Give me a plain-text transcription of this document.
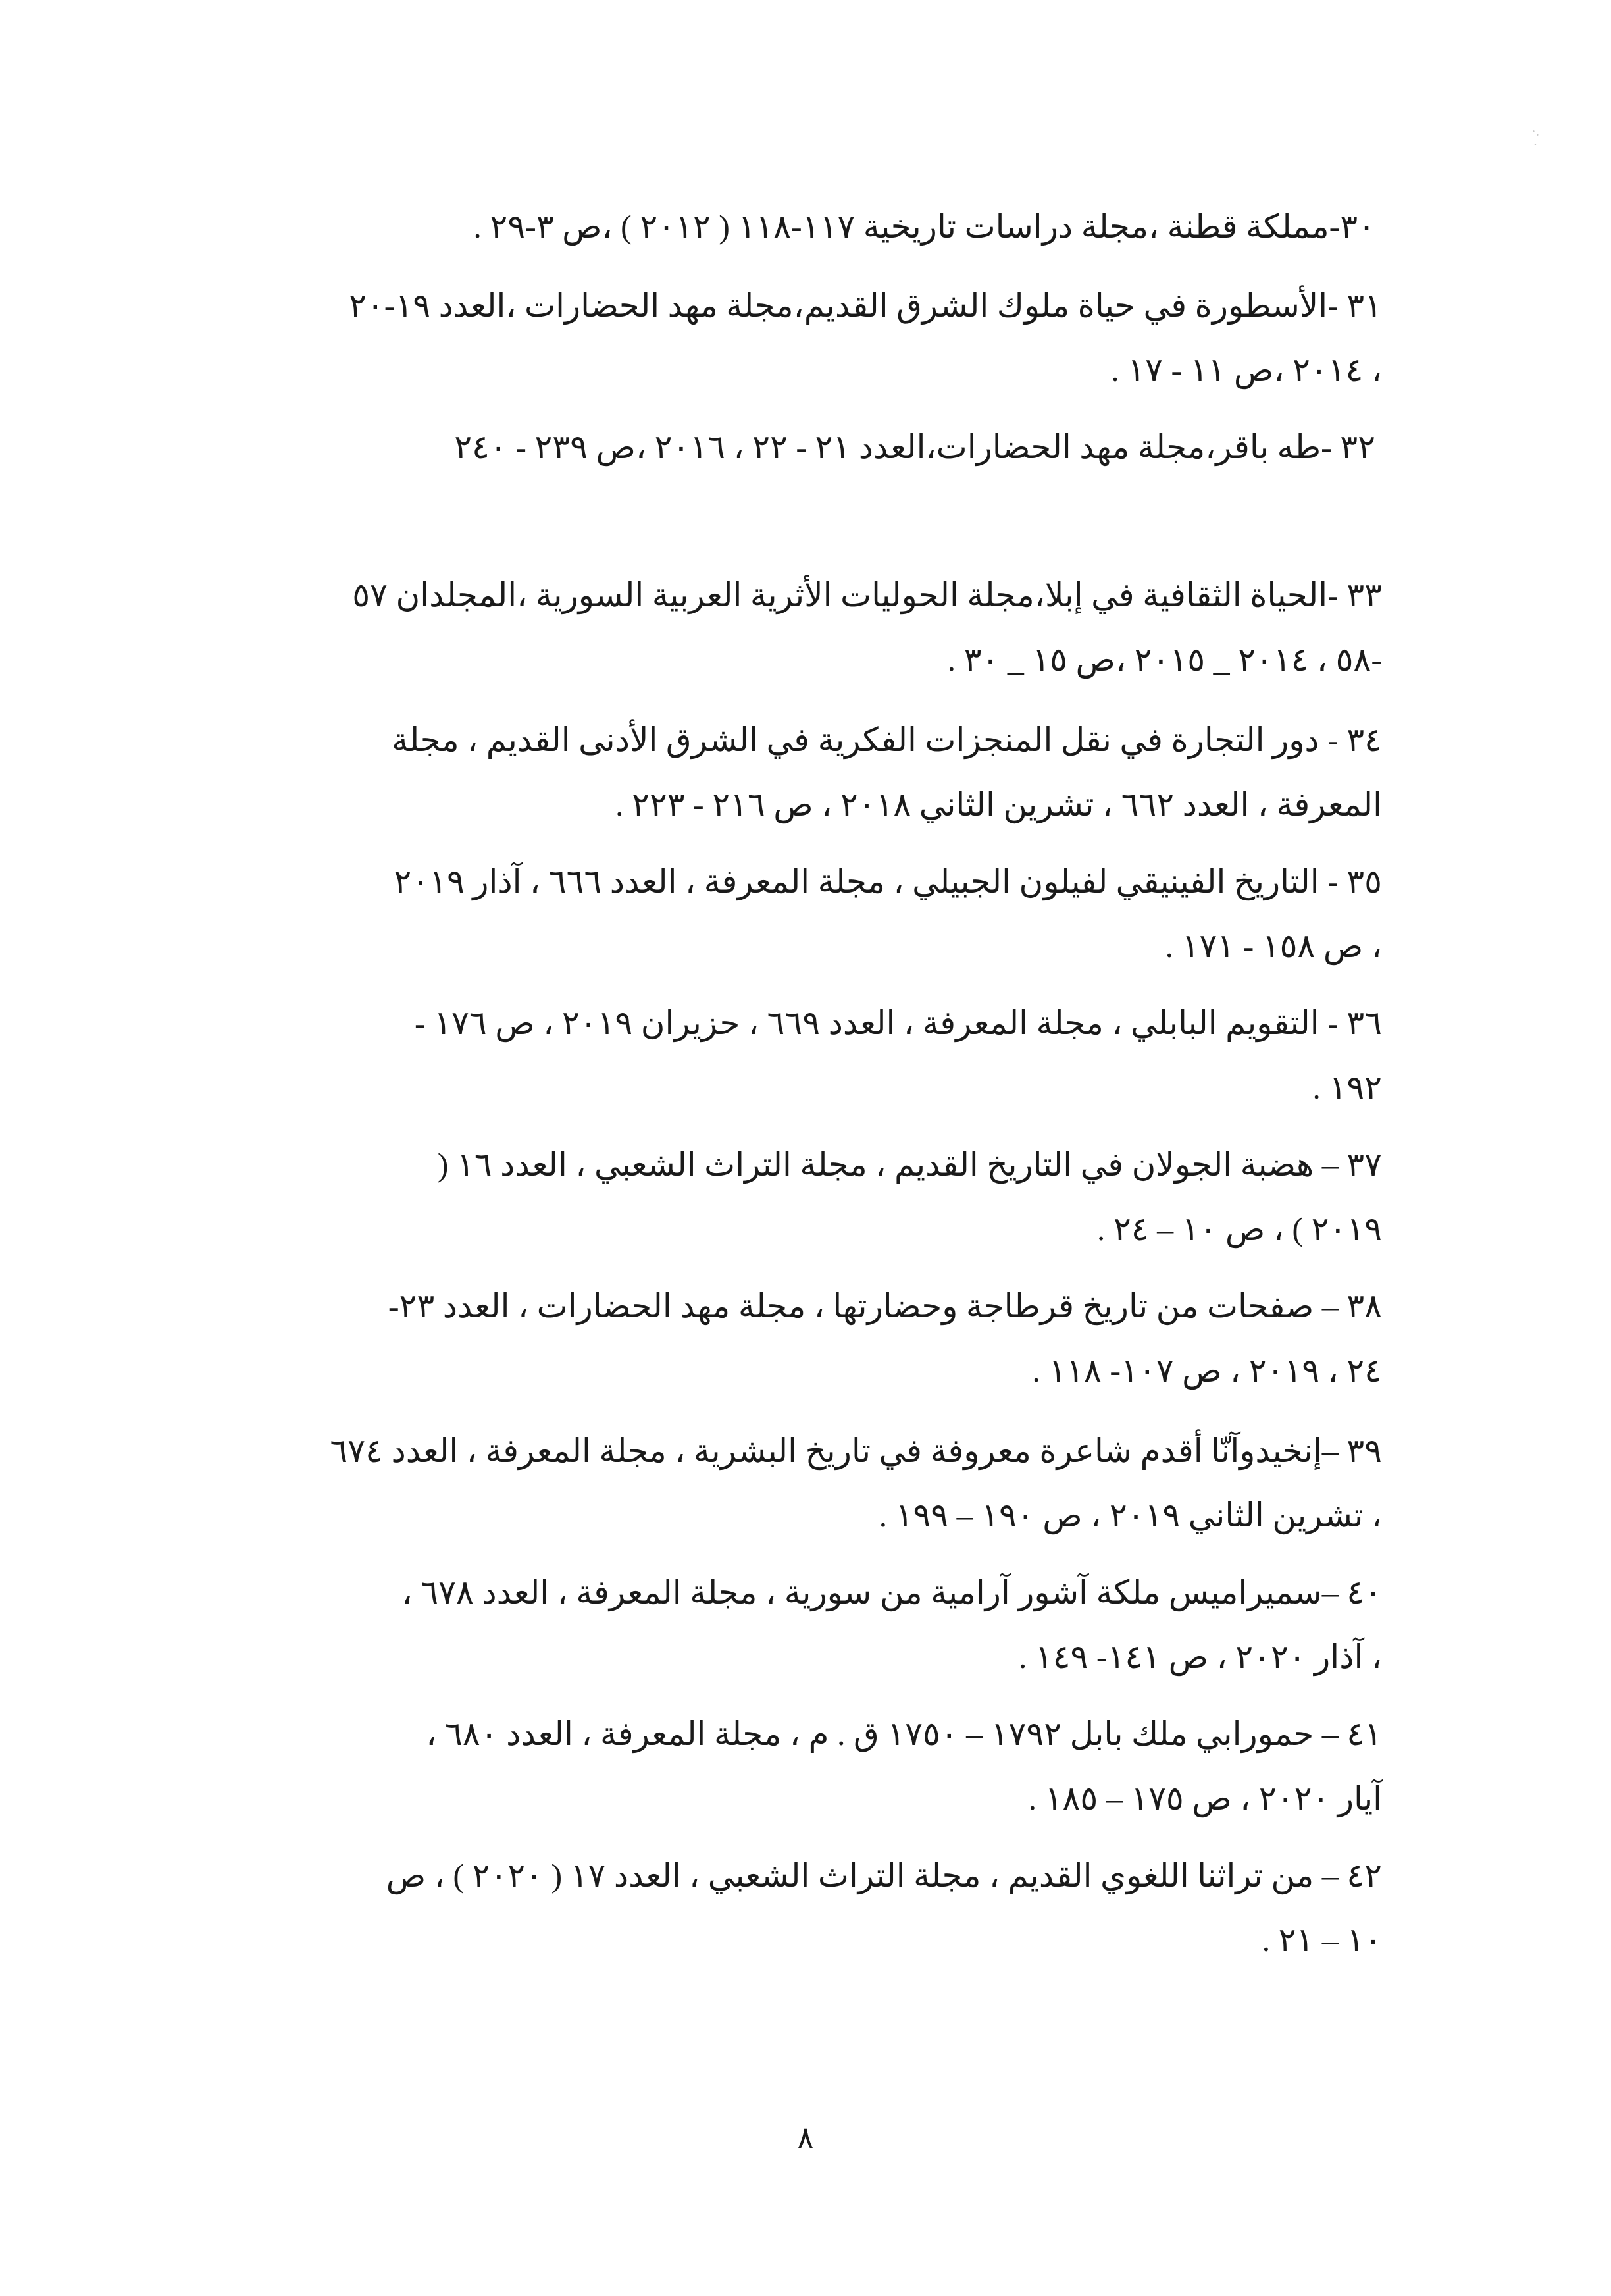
·.
·
٣٠-مملكة قطنة ،مجلة دراسات تاريخية ١١٧-١١٨ ( ٢٠١٢ ) ،ص ٣-٢٩ .
٣١ -الأسطورة في حياة ملوك الشرق القديم،مجلة مهد الحضارات ،العدد ١٩-٢٠
، ٢٠١٤ ،ص ١١ - ١٧ .
٣٢ -طه باقر،مجلة مهد الحضارات،العدد ٢١ - ٢٢ ، ٢٠١٦ ،ص ٢٣٩ - ٢٤٠
٣٣ -الحياة الثقافية في إبلا،مجلة الحوليات الأثرية العربية السورية ،المجلدان ٥٧
-٥٨ ، ٢٠١٤ _ ٢٠١٥ ،ص ١٥ _ ٣٠ .
٣٤ - دور التجارة في نقل المنجزات الفكرية في الشرق الأدنى القديم ، مجلة
المعرفة ، العدد ٦٦٢ ، تشرين الثاني ٢٠١٨ ، ص ٢١٦ - ٢٢٣ .
٣٥ - التاريخ الفينيقي لفيلون الجبيلي ، مجلة المعرفة ، العدد ٦٦٦ ، آذار ٢٠١٩
، ص ١٥٨ - ١٧١ .
٣٦ - التقويم البابلي ، مجلة المعرفة ، العدد ٦٦٩ ، حزيران ٢٠١٩ ، ص ١٧٦ -
١٩٢ .
٣٧ – هضبة الجولان في التاريخ القديم ، مجلة التراث الشعبي ، العدد ١٦ (
٢٠١٩ ) ، ص ١٠ – ٢٤ .
٣٨ – صفحات من تاريخ قرطاجة وحضارتها ، مجلة مهد الحضارات ، العدد ٢٣-
٢٤ ، ٢٠١٩ ، ص ١٠٧- ١١٨ .
٣٩ –إنخيدوآنّا أقدم شاعرة معروفة في تاريخ البشرية ، مجلة المعرفة ، العدد ٦٧٤
، تشرين الثاني ٢٠١٩ ، ص ١٩٠ – ١٩٩ .
٤٠ –سميراميس ملكة آشور آرامية من سورية ، مجلة المعرفة ، العدد ٦٧٨ ،
، آذار ٢٠٢٠ ، ص ١٤١- ١٤٩ .
٤١ – حمورابي ملك بابل ١٧٩٢ – ١٧٥٠ ق . م ، مجلة المعرفة ، العدد ٦٨٠ ،
آيار ٢٠٢٠ ، ص ١٧٥ – ١٨٥ .
٤٢ – من تراثنا اللغوي القديم ، مجلة التراث الشعبي ، العدد ١٧ ( ٢٠٢٠ ) ، ص
١٠ – ٢١ .
٨
